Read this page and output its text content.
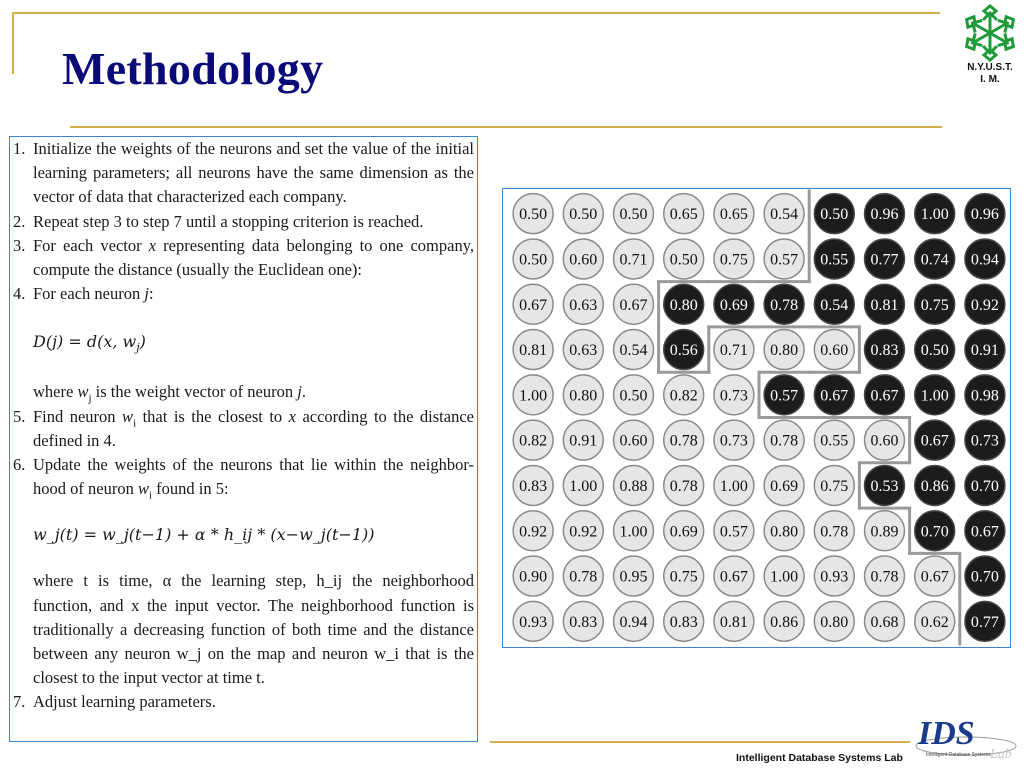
Methodology	N.Y.U.S.T.
I. M.
1. Initialize the weights of the neurons and set the value of the initial learning parameters; all neurons have the same dimension as the vector of data that characterized each company.
2. Repeat step 3 to step 7 until a stopping criterion is reached.
3. For each vector x representing data belonging to one company, compute the distance (usually the Euclidean one):
4. For each neuron j:
D(j) = d(x, $w_j$)
where $w_j$ is the weight vector of neuron j.
5. Find neuron $w_i$ that is the closest to x according to the distance defined in 4.
6. Update the weights of the neurons that lie within the neighbor-hood of neuron $w_i$ found in 5:
w_j(t) = w_j(t−1) + α * h_ij * (x−w_j(t−1))
where t is time, α the learning step, h_ij the neighborhood function, and x the input vector. The neighborhood function is traditionally a decreasing function of both time and the distance between any neuron w_j on the map and neuron w_i that is the closest to the input vector at time t.
7. Adjust learning parameters.
0.50 0.50 0.50 0.65 0.65 0.54 0.50 0.96 1.00 0.96
0.50 0.60 0.71 0.50 0.75 0.57 0.55 0.77 0.74 0.94
0.67 0.63 0.67 0.80 0.69 0.78 0.54 0.81 0.75 0.92
0.81 0.63 0.54 0.56 0.71 0.80 0.60 0.83 0.50 0.91
1.00 0.80 0.50 0.82 0.73 0.57 0.67 0.67 1.00 0.98
0.82 0.91 0.60 0.78 0.73 0.78 0.55 0.60 0.67 0.73
0.83 1.00 0.88 0.78 1.00 0.69 0.75 0.53 0.86 0.70
0.92 0.92 1.00 0.69 0.57 0.80 0.78 0.89 0.70 0.67
0.90 0.78 0.95 0.75 0.67 1.00 0.93 0.78 0.67 0.70
0.93 0.83 0.94 0.83 0.81 0.86 0.80 0.68 0.62 0.77
Intelligent Database Systems Lab
IDS
Intelligent Database Systems Lab
